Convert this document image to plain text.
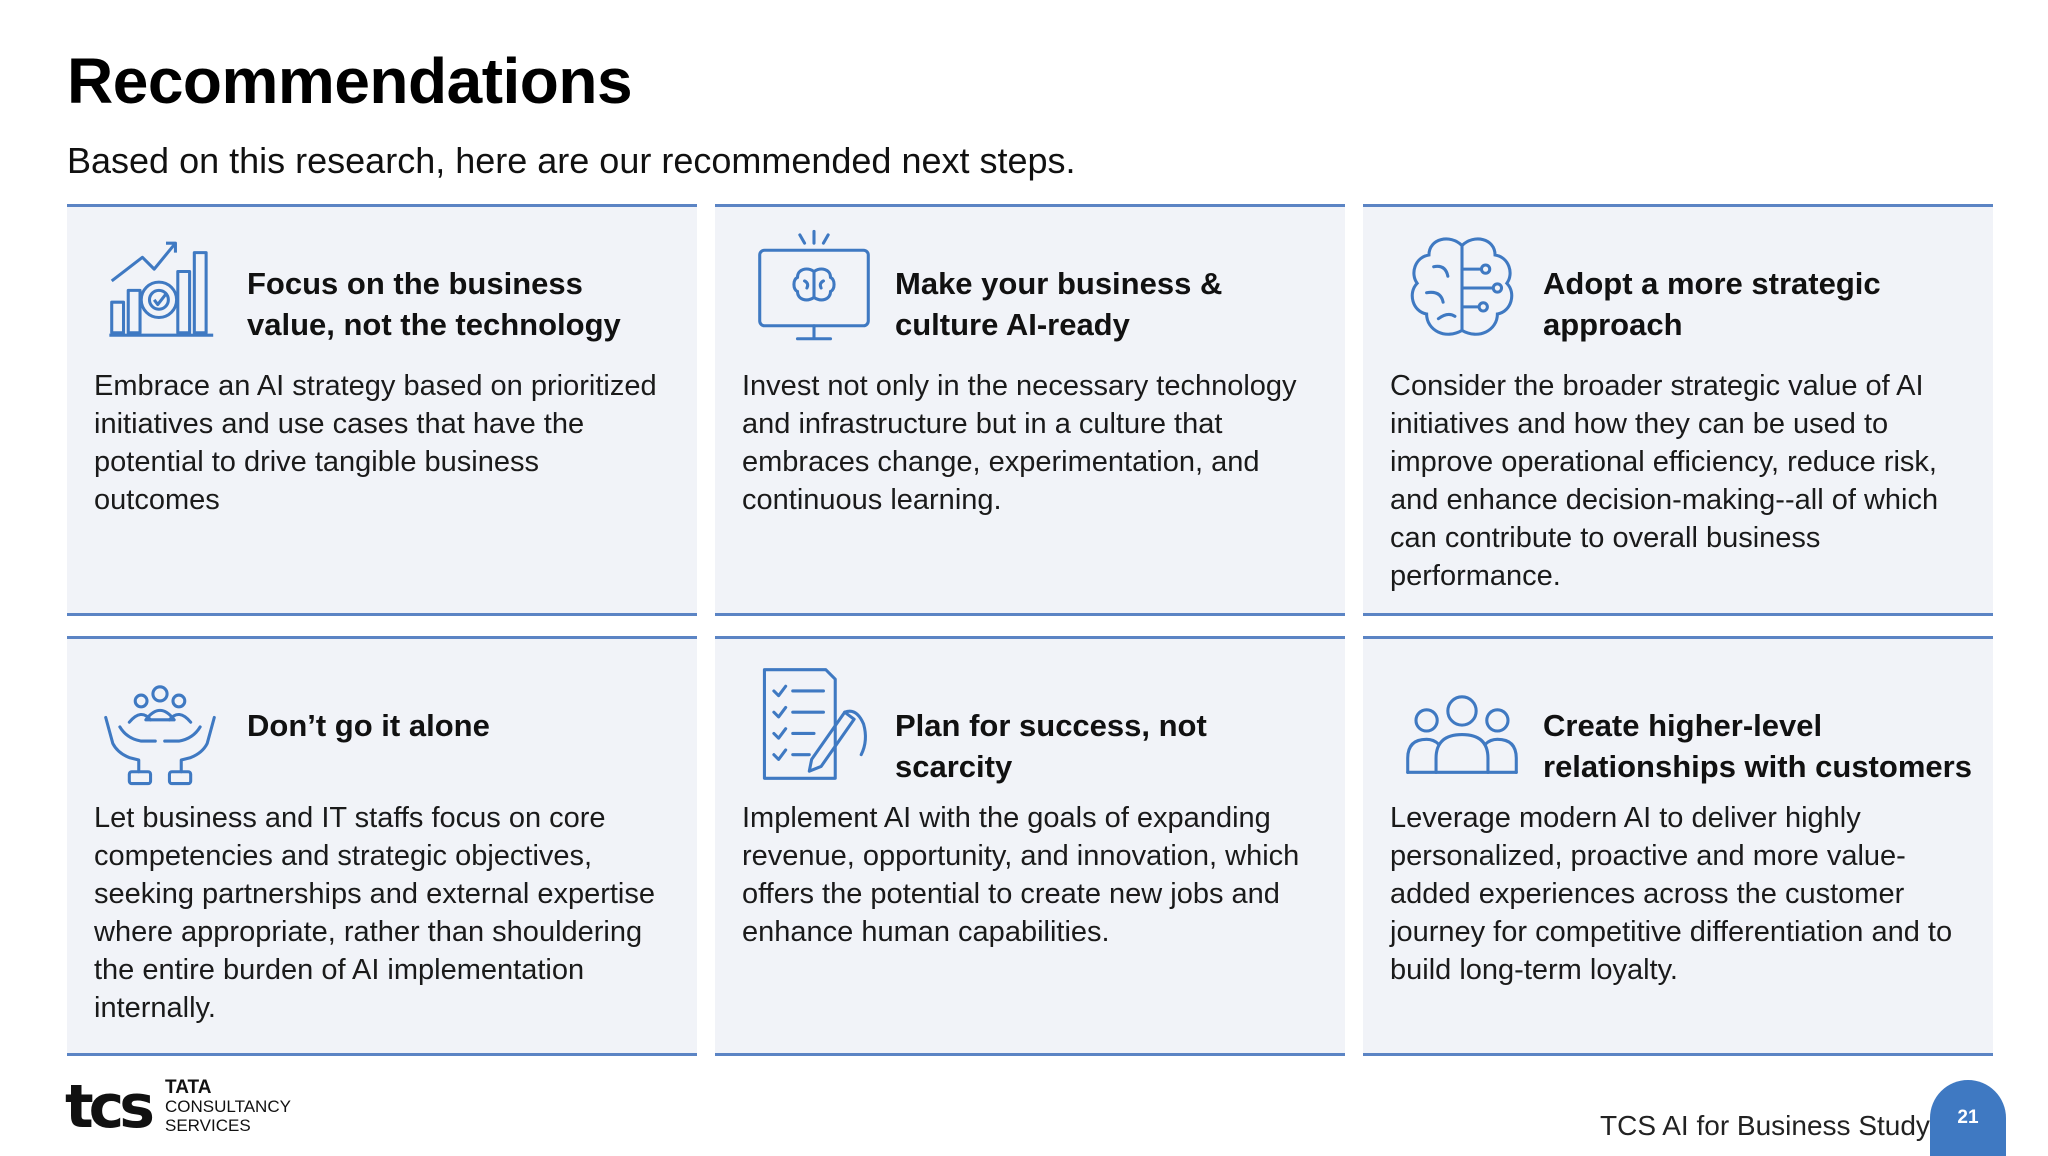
Recommendations
Based on this research, here are our recommended next steps.
Focus on the business value, not the technology
Embrace an AI strategy based on prioritized initiatives and use cases that have the potential to drive tangible business outcomes
Make your business & culture AI-ready
Invest not only in the necessary technology and infrastructure but in a culture that embraces change, experimentation, and continuous learning.
Adopt a more strategic approach
Consider the broader strategic value of AI initiatives and how they can be used to improve operational efficiency, reduce risk, and enhance decision-making--all of which can contribute to overall business performance.
Don’t go it alone
Let business and IT staffs focus on core competencies and strategic objectives, seeking partnerships and external expertise where appropriate, rather than shouldering the entire burden of AI implementation internally.
Plan for success, not scarcity
Implement AI with the goals of expanding revenue, opportunity, and innovation, which offers the potential to create new jobs and enhance human capabilities.
Create higher-level relationships with customers
Leverage modern AI to deliver highly personalized, proactive and more value-added experiences across the customer journey for competitive differentiation and to build long-term loyalty.
tcs TATA
CONSULTANCY
SERVICES	TCS AI for Business Study	21
